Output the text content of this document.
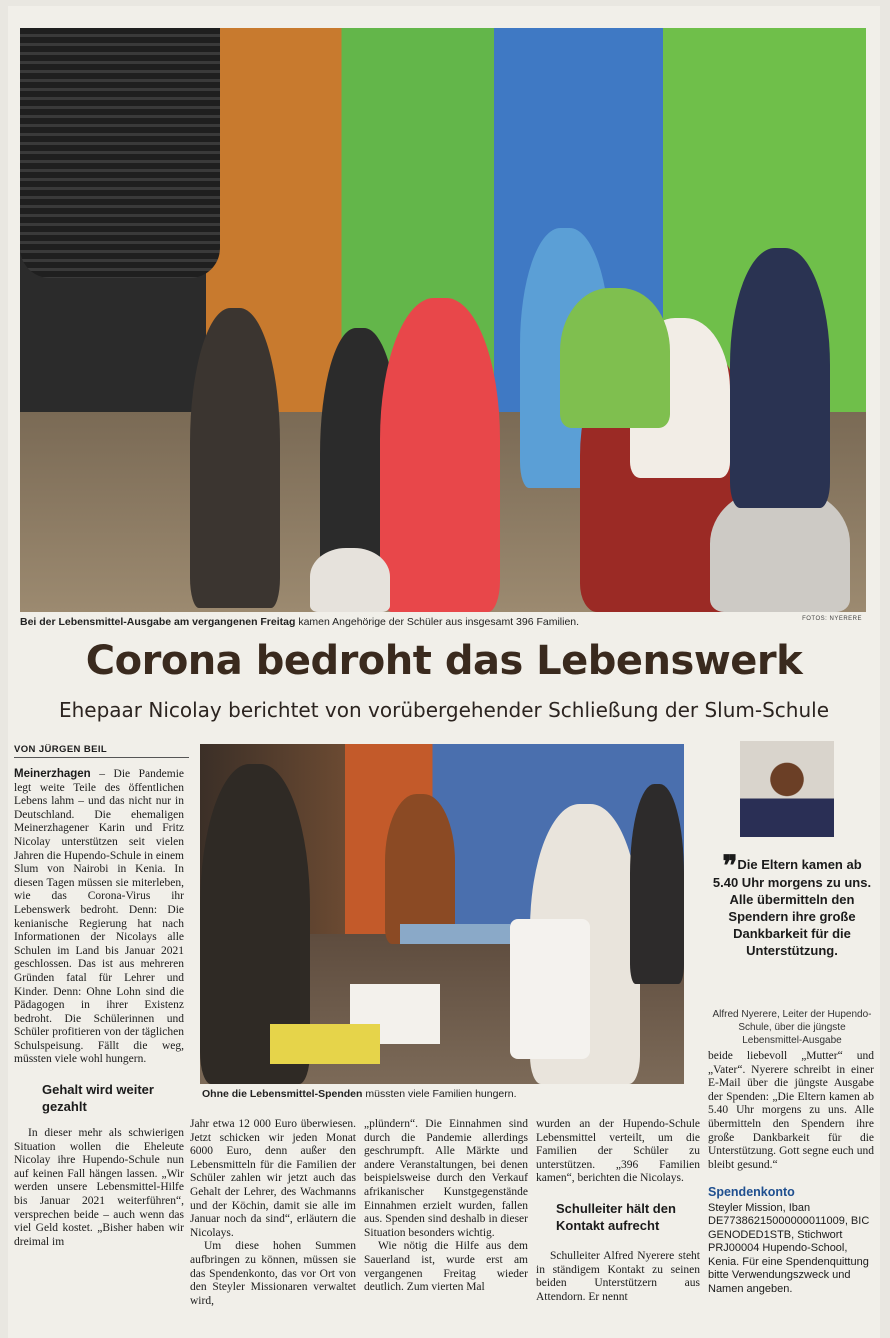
Bei der Lebensmittel-Ausgabe am vergangenen Freitag kamen Angehörige der Schüler aus insgesamt 396 Familien.	FOTOS: NYERERE
Corona bedroht das Lebenswerk
Ehepaar Nicolay berichtet von vorübergehender Schließung der Slum-Schule
VON JÜRGEN BEIL

Meinerzhagen – Die Pandemie legt weite Teile des öffentlichen Lebens lahm – und das nicht nur in Deutschland. Die ehemaligen Meinerzhagener Karin und Fritz Nicolay unterstützen seit vielen Jahren die Hupendo-Schule in einem Slum von Nairobi in Kenia. In diesen Tagen müssen sie miterleben, wie das Corona-Virus ihr Lebenswerk bedroht. Denn: Die kenianische Regierung hat nach Informationen der Nicolays alle Schulen im Land bis Januar 2021 geschlossen. Das ist aus mehreren Gründen fatal für Lehrer und Kinder. Denn: Ohne Lohn sind die Pädagogen in ihrer Existenz bedroht. Die Schülerinnen und Schüler profitieren von der täglichen Schulspeisung. Fällt die weg, müssten viele wohl hungern.

Gehalt wird weiter gezahlt

In dieser mehr als schwierigen Situation wollen die Eheleute Nicolay ihre Hupendo-Schule nun auf keinen Fall hängen lassen. „Wir werden unsere Lebensmittel-Hilfe bis Januar 2021 weiterführen“, versprechen beide – auch wenn das viel Geld kostet. „Bisher haben wir dreimal im

Ohne die Lebensmittel-Spenden müssten viele Familien hungern.
❞Die Eltern kamen ab 5.40 Uhr morgens zu uns. Alle übermitteln den Spendern ihre große Dankbarkeit für die Unterstützung.
Alfred Nyerere, Leiter der Hupendo-Schule, über die jüngste Lebensmittel-Ausgabe

Jahr etwa 12 000 Euro überwiesen. Jetzt schicken wir jeden Monat 6000 Euro, denn außer den Lebensmitteln für die Familien der Schüler zahlen wir jetzt auch das Gehalt der Lehrer, des Wachmanns und der Köchin, damit sie alle im Januar noch da sind“, erläutern die Nicolays.

Um diese hohen Summen aufbringen zu können, müssen sie das Spendenkonto, das vor Ort von den Steyler Missionaren verwaltet wird,

„plündern“. Die Einnahmen sind durch die Pandemie allerdings geschrumpft. Alle Märkte und andere Veranstaltungen, bei denen beispielsweise durch den Verkauf afrikanischer Kunstgegenstände Einnahmen erzielt wurden, fallen aus. Spenden sind deshalb in dieser Situation besonders wichtig.

Wie nötig die Hilfe aus dem Sauerland ist, wurde erst am vergangenen Freitag wieder deutlich. Zum vierten Mal

wurden an der Hupendo-Schule Lebensmittel verteilt, um die Familien der Schüler zu unterstützen. „396 Familien kamen“, berichten die Nicolays.

Schulleiter hält den Kontakt aufrecht

Schulleiter Alfred Nyerere steht in ständigem Kontakt zu seinen beiden Unterstützern aus Attendorn. Er nennt

beide liebevoll „Mutter“ und „Vater“. Nyerere schreibt in einer E-Mail über die jüngste Ausgabe der Spenden: „Die Eltern kamen ab 5.40 Uhr morgens zu uns. Alle übermitteln den Spendern ihre große Dankbarkeit für die Unterstützung. Gott segne euch und bleibt gesund.“

Spendenkonto
Steyler Mission, Iban DE77386215000000011009, BIC GENODED1STB, Stichwort PRJ00004 Hupendo-School, Kenia. Für eine Spendenquittung bitte Verwendungszweck und Namen angeben.
